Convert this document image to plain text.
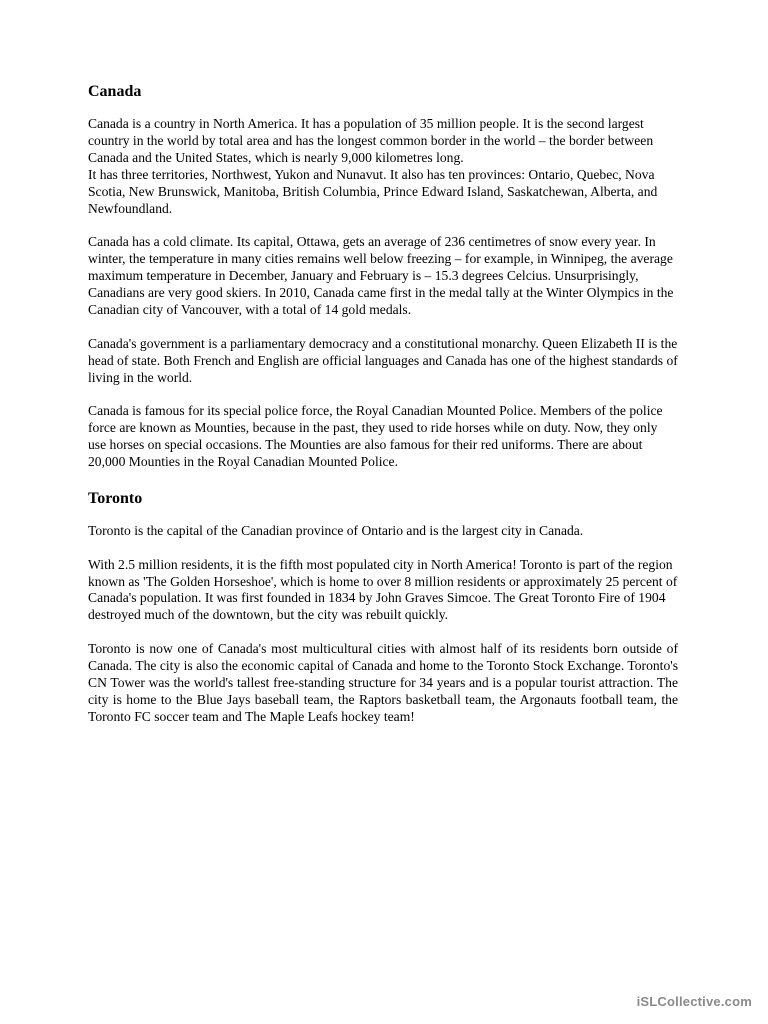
Canada

Canada is a country in North America. It has a population of 35 million people. It is the second largest country in the world by total area and has the longest common border in the world – the border between Canada and the United States, which is nearly 9,000 kilometres long.
It has three territories, Northwest, Yukon and Nunavut. It also has ten provinces: Ontario, Quebec, Nova Scotia, New Brunswick, Manitoba, British Columbia, Prince Edward Island, Saskatchewan, Alberta, and Newfoundland.

Canada has a cold climate. Its capital, Ottawa, gets an average of 236 centimetres of snow every year. In winter, the temperature in many cities remains well below freezing – for example, in Winnipeg, the average maximum temperature in December, January and February is – 15.3 degrees Celcius. Unsurprisingly, Canadians are very good skiers. In 2010, Canada came first in the medal tally at the Winter Olympics in the Canadian city of Vancouver, with a total of 14 gold medals.

Canada's government is a parliamentary democracy and a constitutional monarchy. Queen Elizabeth II is the head of state. Both French and English are official languages and Canada has one of the highest standards of living in the world.

Canada is famous for its special police force, the Royal Canadian Mounted Police. Members of the police force are known as Mounties, because in the past, they used to ride horses while on duty. Now, they only use horses on special occasions. The Mounties are also famous for their red uniforms. There are about 20,000 Mounties in the Royal Canadian Mounted Police.

Toronto

Toronto is the capital of the Canadian province of Ontario and is the largest city in Canada.

With 2.5 million residents, it is the fifth most populated city in North America! Toronto is part of the region known as 'The Golden Horseshoe', which is home to over 8 million residents or approximately 25 percent of Canada's population. It was first founded in 1834 by John Graves Simcoe. The Great Toronto Fire of 1904 destroyed much of the downtown, but the city was rebuilt quickly.

Toronto is now one of Canada's most multicultural cities with almost half of its residents born outside of Canada. The city is also the economic capital of Canada and home to the Toronto Stock Exchange. Toronto's CN Tower was the world's tallest free-standing structure for 34 years and is a popular tourist attraction. The city is home to the Blue Jays baseball team, the Raptors basketball team, the Argonauts football team, the Toronto FC soccer team and The Maple Leafs hockey team!

iSLCollective.com
